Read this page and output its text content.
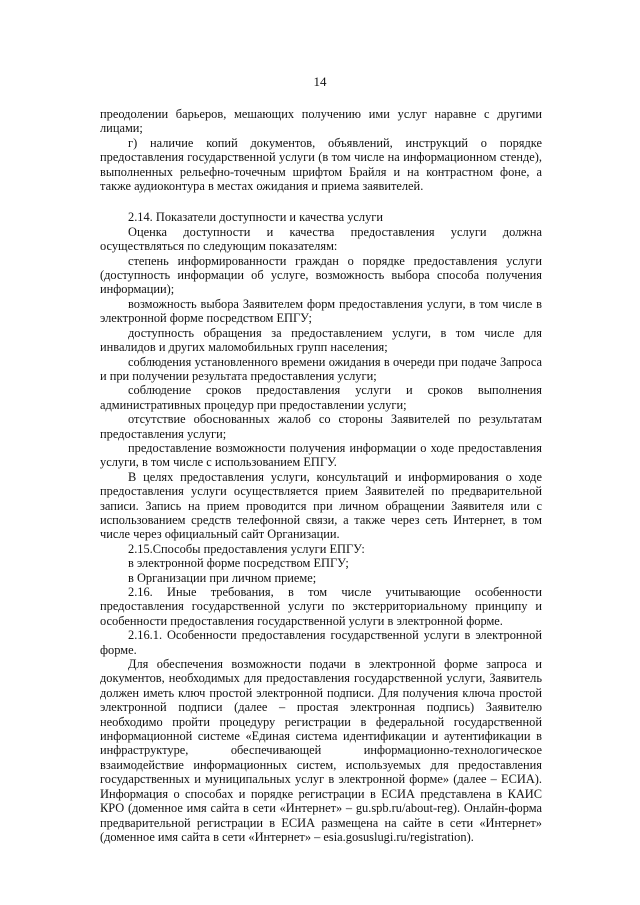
14

преодолении барьеров, мешающих получению ими услуг наравне с другими лицами;

г) наличие копий документов, объявлений, инструкций о порядке предоставления государственной услуги (в том числе на информационном стенде), выполненных рельефно-точечным шрифтом Брайля и на контрастном фоне, а также аудиоконтура в местах ожидания и приема заявителей.

2.14. Показатели доступности и качества услуги

Оценка доступности и качества предоставления услуги должна осуществляться по следующим показателям:

степень информированности граждан о порядке предоставления услуги (доступность информации об услуге, возможность выбора способа получения информации);

возможность выбора Заявителем форм предоставления услуги, в том числе в электронной форме посредством ЕПГУ;

доступность обращения за предоставлением услуги, в том числе для инвалидов и других маломобильных групп населения;

соблюдения установленного времени ожидания в очереди при подаче Запроса и при получении результата предоставления услуги;

соблюдение сроков предоставления услуги и сроков выполнения административных процедур при предоставлении услуги;

отсутствие обоснованных жалоб со стороны Заявителей по результатам предоставления услуги;

предоставление возможности получения информации о ходе предоставления услуги, в том числе с использованием ЕПГУ.

В целях предоставления услуги, консультаций и информирования о ходе предоставления услуги осуществляется прием Заявителей по предварительной записи. Запись на прием проводится при личном обращении Заявителя или с использованием средств телефонной связи, а также через сеть Интернет, в том числе через официальный сайт Организации.

2.15.Способы предоставления услуги ЕПГУ:

в электронной форме посредством ЕПГУ;

в Организации при личном приеме;

2.16. Иные требования, в том числе учитывающие особенности предоставления государственной услуги по экстерриториальному принципу и особенности предоставления государственной услуги в электронной форме.

2.16.1. Особенности предоставления государственной услуги в электронной форме.

Для обеспечения возможности подачи в электронной форме запроса и документов, необходимых для предоставления государственной услуги, Заявитель должен иметь ключ простой электронной подписи. Для получения ключа простой электронной подписи (далее – простая электронная подпись) Заявителю необходимо пройти процедуру регистрации в федеральной государственной информационной системе «Единая система идентификации и аутентификации в инфраструктуре, обеспечивающей информационно-технологическое взаимодействие информационных систем, используемых для предоставления государственных и муниципальных услуг в электронной форме» (далее – ЕСИА). Информация о способах и порядке регистрации в ЕСИА представлена в КАИС КРО (доменное имя сайта в сети «Интернет» – gu.spb.ru/about-reg). Онлайн-форма предварительной регистрации в ЕСИА размещена на сайте в сети «Интернет» (доменное имя сайта в сети «Интернет» – esia.gosuslugi.ru/registration).
